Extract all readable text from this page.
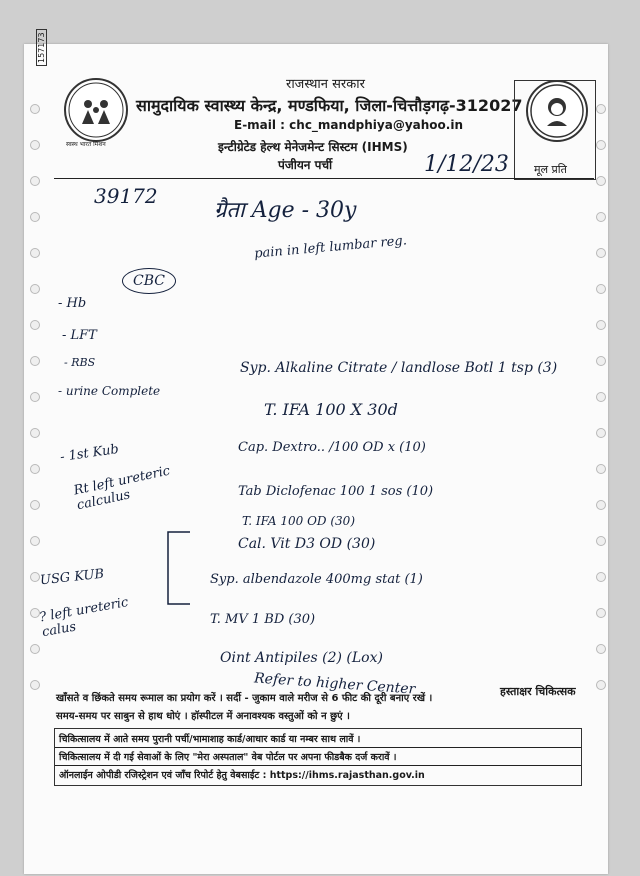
157173
स्वस्थ भारत मिशन
राजस्थान सरकार
सामुदायिक स्वास्थ्य केन्द्र, मण्डफिया, जिला-चित्तौड़गढ़-312027
E-mail : chc_mandphiya@yahoo.in
इन्टीग्रेटेड हेल्थ मेनेजमेन्ट सिस्टम (IHMS)
पंजीयन पर्ची	1/12/23 मूल प्रति
39172
ग्रैता Age - 30y
pain in left lumbar reg.
CBC
- Hb
- LFT
- RBS
- urine Complete
- 1st Kub
Rt left ureteric calculus
USG KUB
? left ureteric calus
Syp. Alkaline Citrate / landlose Botl 1 tsp (3)
T. IFA 100 X 30d
Cap. Dextro.. /100 OD x (10)
Tab Diclofenac 100 1 sos (10)
T. IFA 100 OD (30)
Cal. Vit D3 OD (30)
Syp. albendazole 400mg stat (1)
T. MV 1 BD (30)
Oint Antipiles (2) (Lox)
Refer to higher Center	हस्ताक्षर चिकित्सक
खाँसते व छिंकते समय रूमाल का प्रयोग करें । सर्दी - जुकाम वाले मरीज से 6 फीट की दूरी बनाए रखें ।
समय-समय पर साबुन से हाथ धोएं । हॉस्पीटल में अनावश्यक वस्तुओं को न छुएं ।
चिकित्सालय में आते समय पुरानी पर्ची/भामाशाह कार्ड/आधार कार्ड या नम्बर साथ लावें ।
चिकित्सालय में दी गई सेवाओं के लिए "मेरा अस्पताल" वेब पोर्टल पर अपना फीडबैक दर्ज करावें ।
ऑनलाईन ओपीडी रजिस्ट्रेशन एवं जाँच रिपोर्ट हेतु वेबसाईट : https://ihms.rajasthan.gov.in
